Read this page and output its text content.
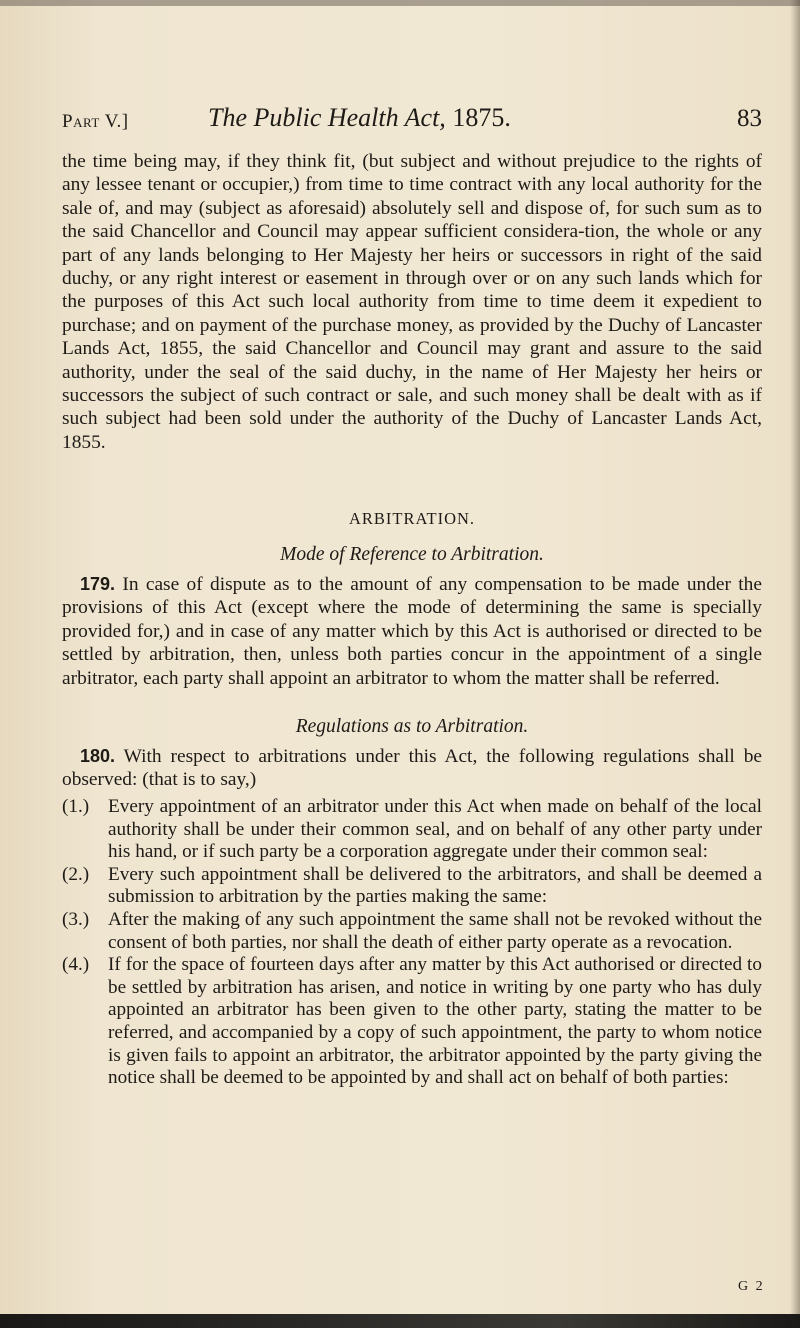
Part V.]	The Public Health Act, 1875.	83

the time being may, if they think fit, (but subject and without prejudice to the rights of any lessee tenant or occupier,) from time to time contract with any local authority for the sale of, and may (subject as aforesaid) absolutely sell and dispose of, for such sum as to the said Chancellor and Council may appear sufficient considera-tion, the whole or any part of any lands belonging to Her Majesty her heirs or successors in right of the said duchy, or any right interest or easement in through over or on any such lands which for the purposes of this Act such local authority from time to time deem it expedient to purchase; and on payment of the purchase money, as provided by the Duchy of Lancaster Lands Act, 1855, the said Chancellor and Council may grant and assure to the said authority, under the seal of the said duchy, in the name of Her Majesty her heirs or successors the subject of such contract or sale, and such money shall be dealt with as if such subject had been sold under the authority of the Duchy of Lancaster Lands Act, 1855.

ARBITRATION.

Mode of Reference to Arbitration.

179. In case of dispute as to the amount of any compensation to be made under the provisions of this Act (except where the mode of determining the same is specially provided for,) and in case of any matter which by this Act is authorised or directed to be settled by arbitration, then, unless both parties concur in the appointment of a single arbitrator, each party shall appoint an arbitrator to whom the matter shall be referred.

Regulations as to Arbitration.

180. With respect to arbitrations under this Act, the following regulations shall be observed: (that is to say,)
(1.) Every appointment of an arbitrator under this Act when made on behalf of the local authority shall be under their common seal, and on behalf of any other party under his hand, or if such party be a corporation aggregate under their common seal:
(2.) Every such appointment shall be delivered to the arbitrators, and shall be deemed a submission to arbitration by the parties making the same:
(3.) After the making of any such appointment the same shall not be revoked without the consent of both parties, nor shall the death of either party operate as a revocation.
(4.) If for the space of fourteen days after any matter by this Act authorised or directed to be settled by arbitration has arisen, and notice in writing by one party who has duly appointed an arbitrator has been given to the other party, stating the matter to be referred, and accompanied by a copy of such appointment, the party to whom notice is given fails to appoint an arbitrator, the arbitrator appointed by the party giving the notice shall be deemed to be appointed by and shall act on behalf of both parties:
G 2
